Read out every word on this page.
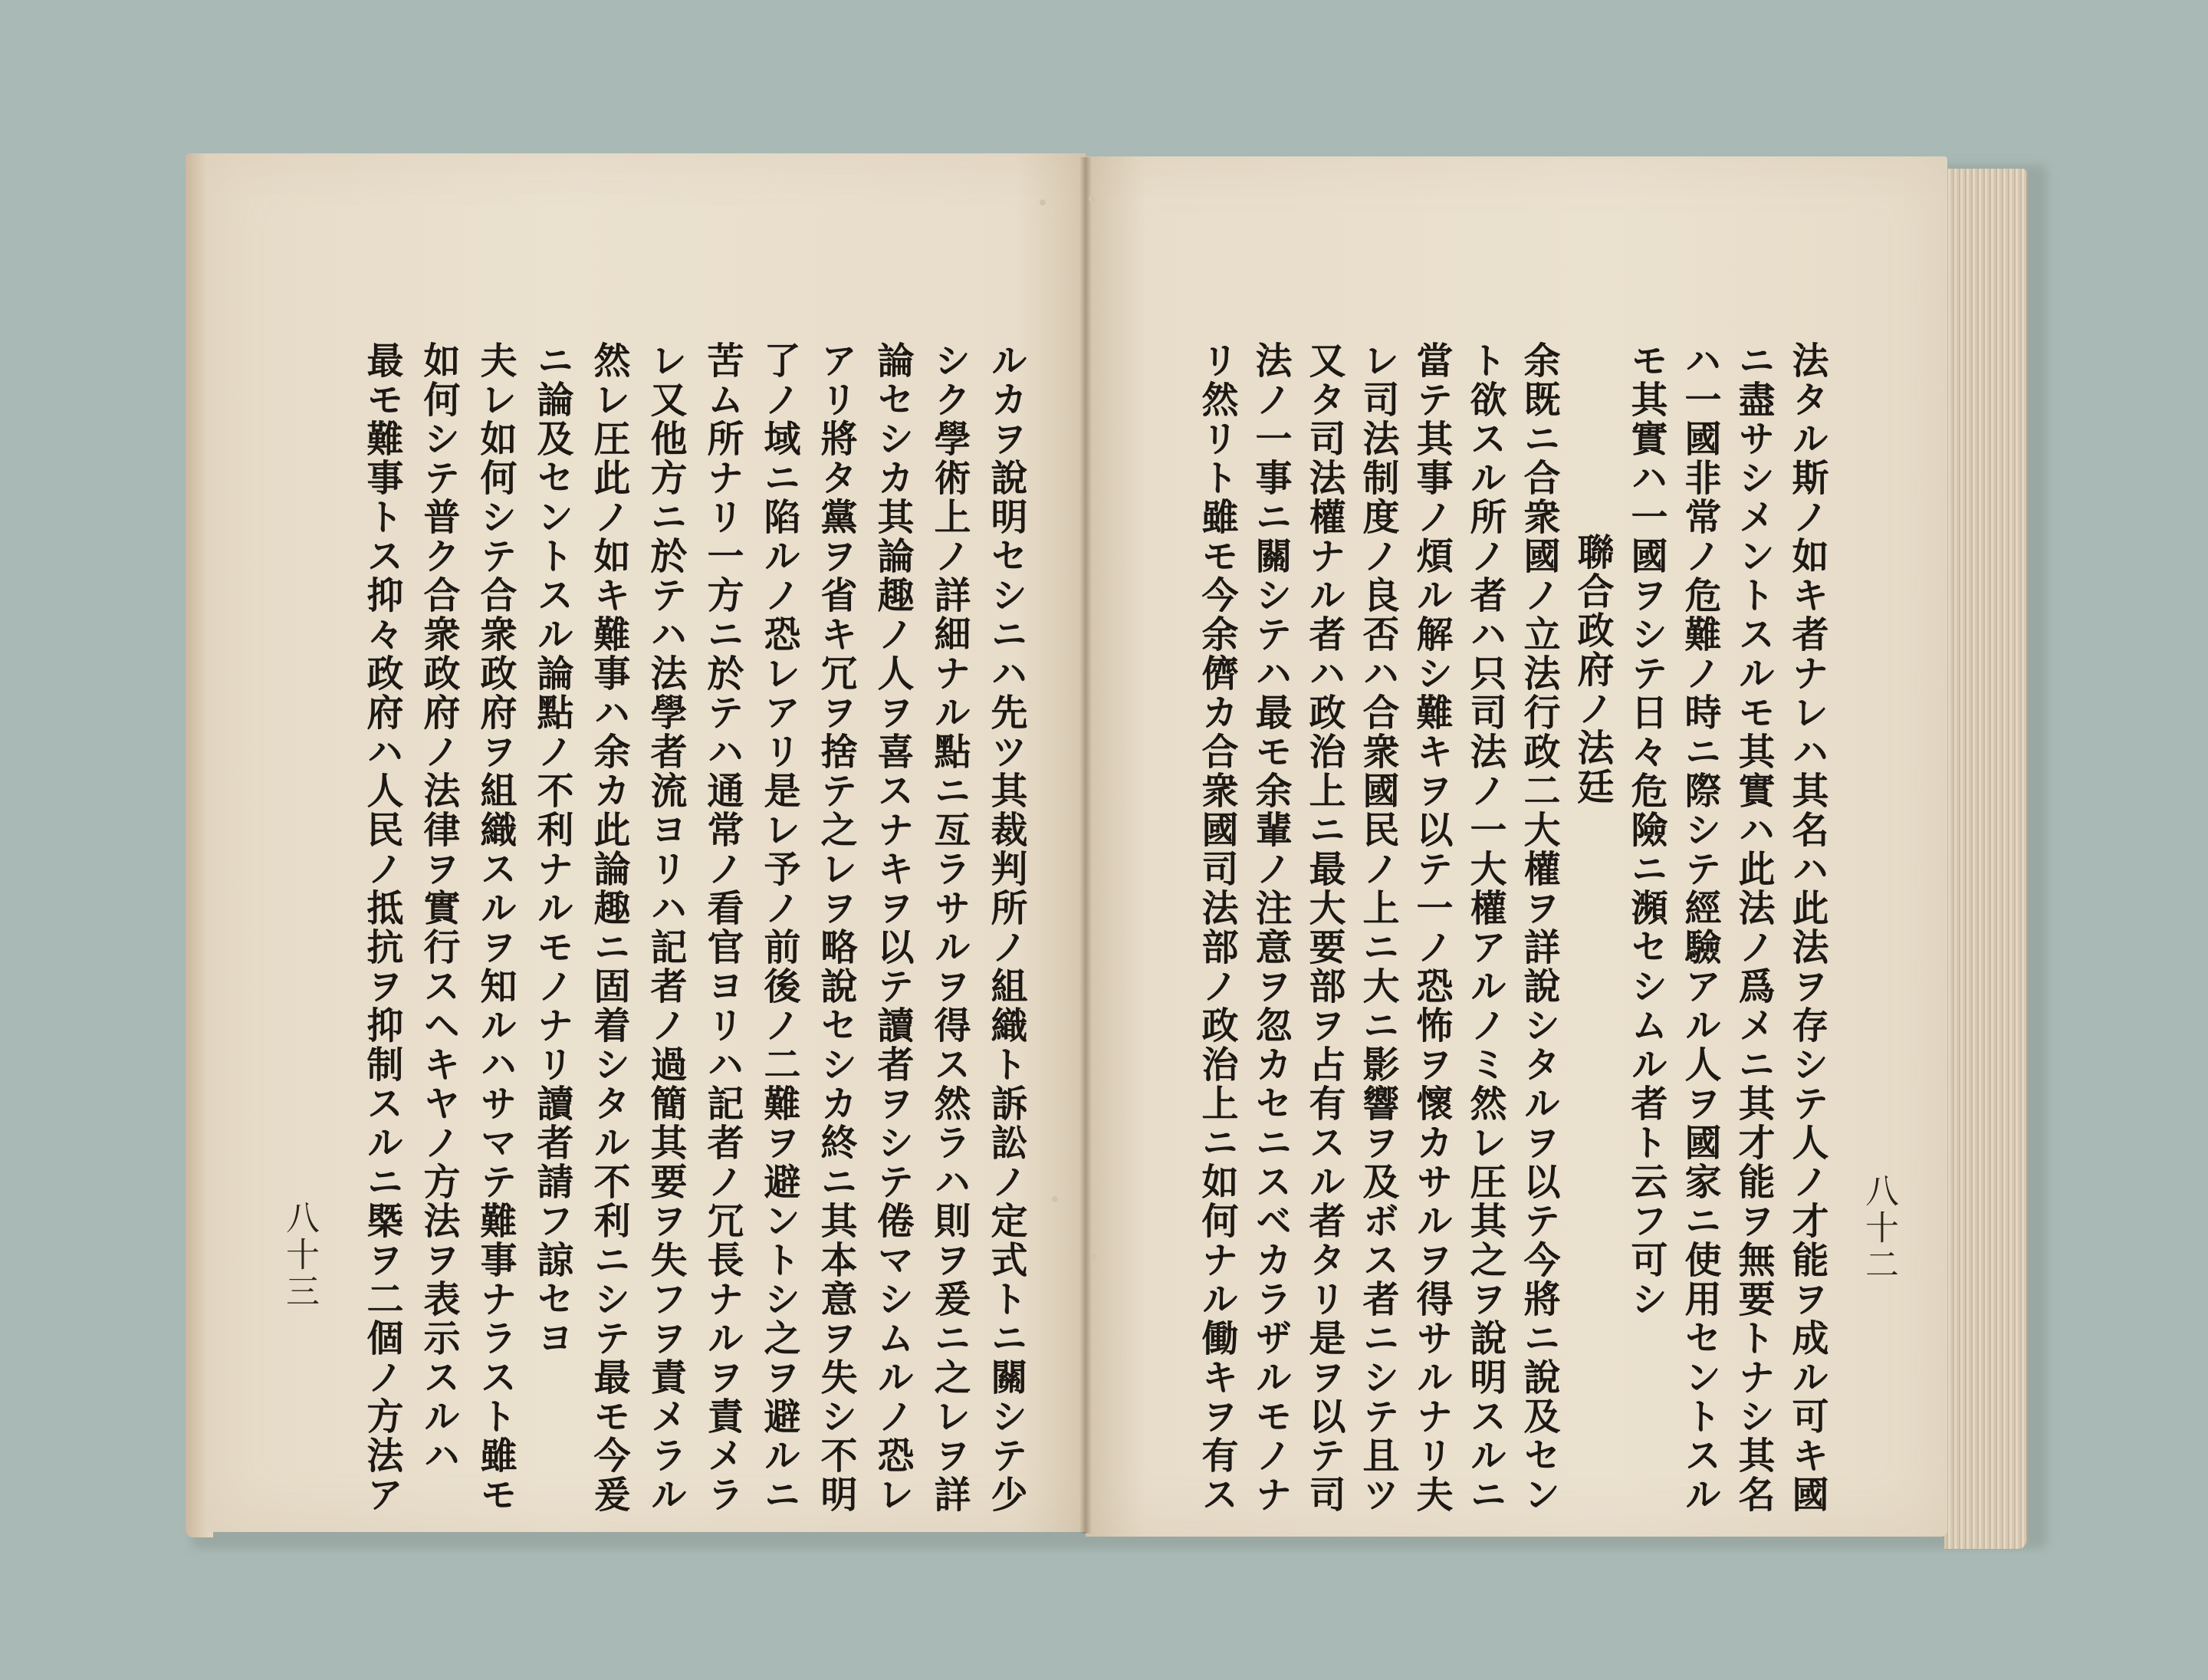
ルカヲ說明セシニハ先ツ其裁判所ノ組織ト訴訟ノ定式トニ關シテ少
シク學術上ノ詳細ナル點ニ亙ラサルヲ得ス然ラハ則ヲ爰ニ之レヲ詳
論セシカ其論趣ノ人ヲ喜スナキヲ以テ讀者ヲシテ倦マシムルノ恐レ
アリ將タ黨ヲ省キ冗ヲ捨テ之レヲ略說セシカ終ニ其本意ヲ失シ不明
了ノ域ニ陷ルノ恐レアリ是レ予ノ前後ノ二難ヲ避ントシ之ヲ避ルニ
苦ム所ナリ一方ニ於テハ通常ノ看官ヨリハ記者ノ冗長ナルヲ責メラ
レ又他方ニ於テハ法學者流ヨリハ記者ノ過簡其要ヲ失フヲ責メラル
然レ圧此ノ如キ難事ハ余カ此論趣ニ固着シタル不利ニシテ最モ今爰
ニ論及セントスル論點ノ不利ナルモノナリ讀者請フ諒セヨ
夫レ如何シテ合衆政府ヲ組織スルヲ知ルハサマテ難事ナラスト雖モ
如何シテ普ク合衆政府ノ法律ヲ實行スヘキヤノ方法ヲ表示スルハ
最モ難事トス抑々政府ハ人民ノ抵抗ヲ抑制スルニ槩ヲ二個ノ方法ア
八十三	法タル斯ノ如キ者ナレハ其名ハ此法ヲ存シテ人ノ才能ヲ成ル可キ國
ニ盡サシメントスルモ其實ハ此法ノ爲メニ其才能ヲ無要トナシ其名
ハ一國非常ノ危難ノ時ニ際シテ經驗アル人ヲ國家ニ使用セントスル
モ其實ハ一國ヲシテ日々危險ニ瀕セシムル者ト云フ可シ
聯合政府ノ法廷
余既ニ合衆國ノ立法行政二大權ヲ詳說シタルヲ以テ今將ニ說及セン
ト欲スル所ノ者ハ只司法ノ一大權アルノミ然レ圧其之ヲ說明スルニ
當テ其事ノ煩ル解シ難キヲ以テ一ノ恐怖ヲ懷カサルヲ得サルナリ夫
レ司法制度ノ良否ハ合衆國民ノ上ニ大ニ影響ヲ及ボス者ニシテ且ツ
又タ司法權ナル者ハ政治上ニ最大要部ヲ占有スル者タリ是ヲ以テ司
法ノ一事ニ關シテハ最モ余輩ノ注意ヲ忽カセニスベカラザルモノナ
リ然リト雖モ今余儕カ合衆國司法部ノ政治上ニ如何ナル働キヲ有ス	八十二
